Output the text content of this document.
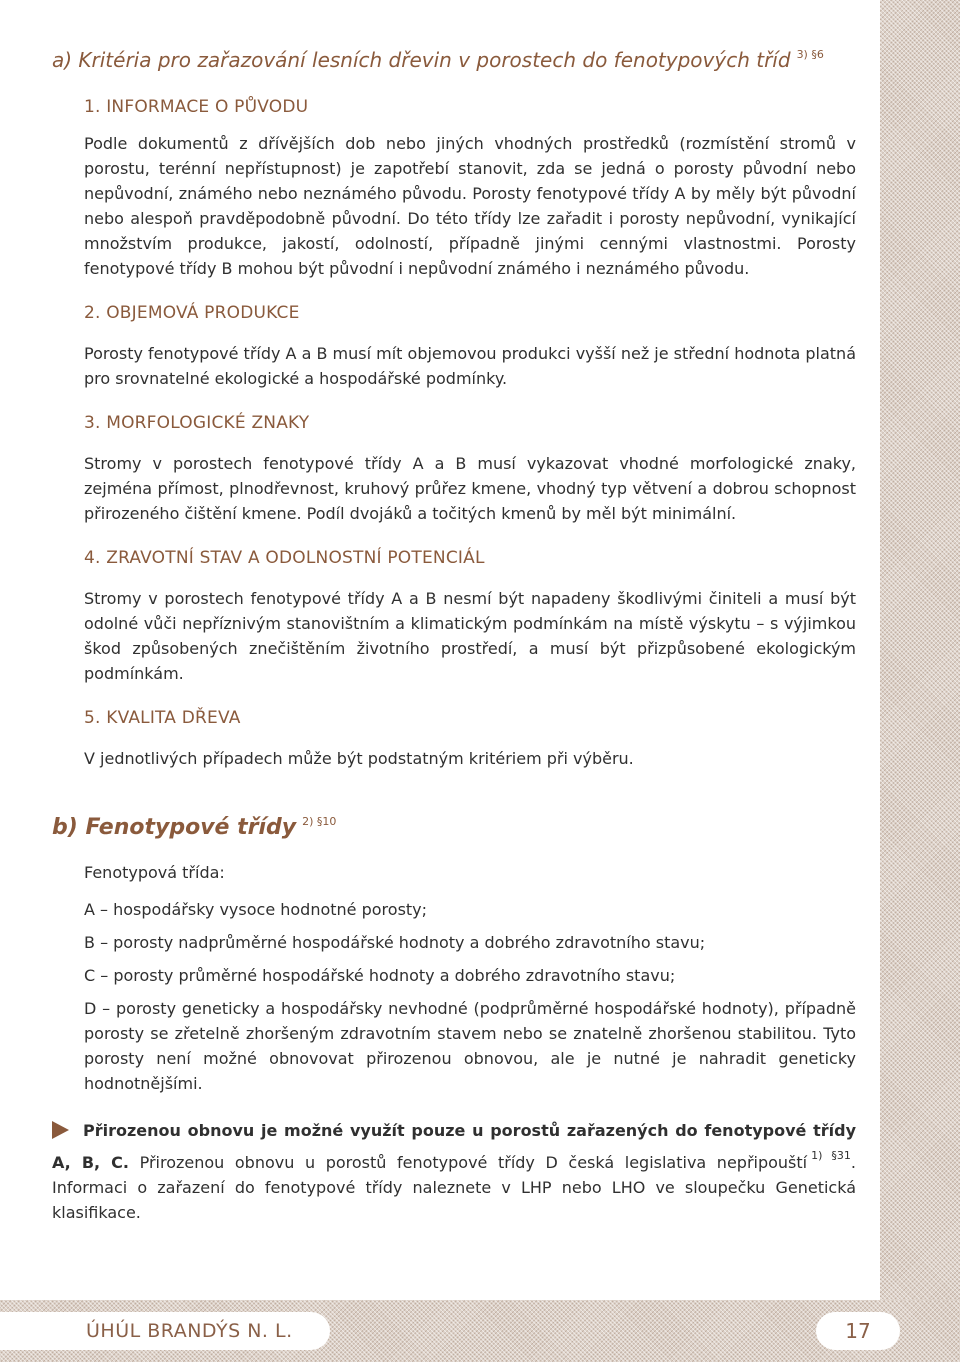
a) Kritéria pro zařazování lesních dřevin v porostech do fenotypových tříd $^{3) \S 6}$
1. INFORMACE O PŮVODU

Podle dokumentů z dřívějších dob nebo jiných vhodných prostředků (rozmístění stromů v porostu, terénní nepřístupnost) je zapotřebí stanovit, zda se jedná o porosty původní nebo nepůvodní, známého nebo neznámého původu. Porosty fenotypové třídy A by měly být původní nebo alespoň pravděpodobně původní. Do této třídy lze zařadit i porosty nepůvodní, vynikající množstvím produkce, jakostí, odolností, případně jinými cennými vlastnostmi. Porosty fenotypové třídy B mohou být původní i nepůvodní známého i neznámého původu.

2. OBJEMOVÁ PRODUKCE

Porosty fenotypové třídy A a B musí mít objemovou produkci vyšší než je střední hodnota platná pro srovnatelné ekologické a hospodářské podmínky.

3. MORFOLOGICKÉ ZNAKY

Stromy v porostech fenotypové třídy A a B musí vykazovat vhodné morfologické znaky, zejména přímost, plnodřevnost, kruhový průřez kmene, vhodný typ větvení a dobrou schopnost přirozeného čištění kmene. Podíl dvojáků a točitých kmenů by měl být minimální.

4. ZRAVOTNÍ STAV A ODOLNOSTNÍ POTENCIÁL

Stromy v porostech fenotypové třídy A a B nesmí být napadeny škodlivými činiteli a musí být odolné vůči nepříznivým stanovištním a klimatickým podmínkám na místě výskytu – s výjimkou škod způsobených znečištěním životního prostředí, a musí být přizpůsobené ekologickým podmínkám.

5. KVALITA DŘEVA

V jednotlivých případech může být podstatným kritériem při výběru.

b) Fenotypové třídy $^{2) \S 10}$

Fenotypová třída:

A – hospodářsky vysoce hodnotné porosty;

B – porosty nadprůměrné hospodářské hodnoty a dobrého zdravotního stavu;

C – porosty průměrné hospodářské hodnoty a dobrého zdravotního stavu;

D – porosty geneticky a hospodářsky nevhodné (podprůměrné hospodářské hodnoty), případně porosty se zřetelně zhoršeným zdravotním stavem nebo se znatelně zhoršenou stabilitou. Tyto porosty není možné obnovovat přirozenou obnovou, ale je nutné je nahradit geneticky hodnotnějšími.

Přirozenou obnovu je možné využít pouze u porostů zařazených do fenotypové třídy A, B, C. Přirozenou obnovu u porostů fenotypové třídy D česká legislativa nepřipouští $^{1) \S 31}$. Informaci o zařazení do fenotypové třídy naleznete v LHP nebo LHO ve sloupečku Genetická klasifikace.
ÚHÚL BRANDÝS N. L.	17
